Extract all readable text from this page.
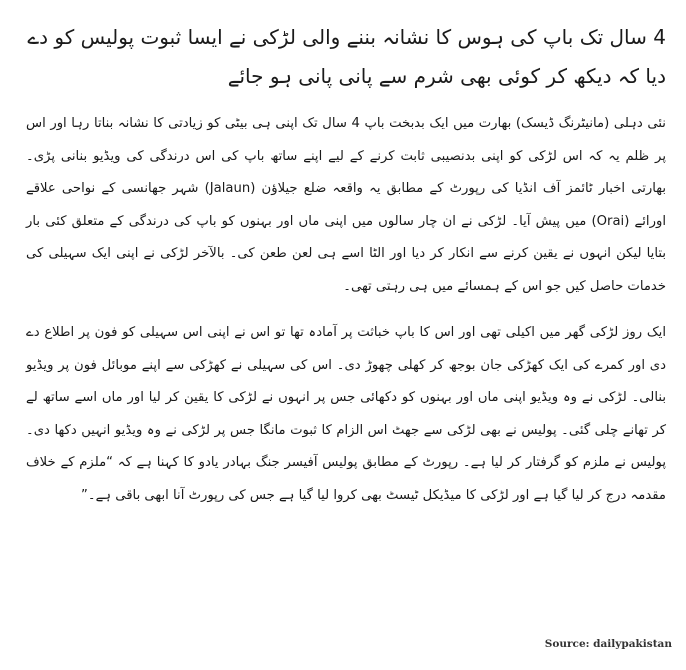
4 سال تک باپ کی ہوس کا نشانہ بننے والی لڑکی نے ایسا ثبوت پولیس کو دے دیا کہ دیکھ کر کوئی بھی شرم سے پانی پانی ہو جائے

نئی دہلی (مانیٹرنگ ڈیسک) بھارت میں ایک بدبخت باپ 4 سال تک اپنی ہی بیٹی کو زیادتی کا نشانہ بناتا رہا اور اس پر ظلم یہ کہ اس لڑکی کو اپنی بدنصیبی ثابت کرنے کے لیے اپنے ساتھ باپ کی اس درندگی کی ویڈیو بنانی پڑی۔ بھارتی اخبار ٹائمز آف انڈیا کی رپورٹ کے مطابق یہ واقعہ ضلع جیلاؤن (Jalaun) شہر جھانسی کے نواحی علاقے اورائے (Orai) میں پیش آیا۔ لڑکی نے ان چار سالوں میں اپنی ماں اور بہنوں کو باپ کی درندگی کے متعلق کئی بار بتایا لیکن انہوں نے یقین کرنے سے انکار کر دیا اور الٹا اسے ہی لعن طعن کی۔ بالآخر لڑکی نے اپنی ایک سہیلی کی خدمات حاصل کیں جو اس کے ہمسائے میں ہی رہتی تھی۔

ایک روز لڑکی گھر میں اکیلی تھی اور اس کا باپ خباثت پر آمادہ تھا تو اس نے اپنی اس سہیلی کو فون پر اطلاع دے دی اور کمرے کی ایک کھڑکی جان بوجھ کر کھلی چھوڑ دی۔ اس کی سہیلی نے کھڑکی سے اپنے موبائل فون پر ویڈیو بنالی۔ لڑکی نے وہ ویڈیو اپنی ماں اور بہنوں کو دکھائی جس پر انہوں نے لڑکی کا یقین کر لیا اور ماں اسے ساتھ لے کر تھانے چلی گئی۔ پولیس نے بھی لڑکی سے جھٹ اس الزام کا ثبوت مانگا جس پر لڑکی نے وہ ویڈیو انہیں دکھا دی۔ پولیس نے ملزم کو گرفتار کر لیا ہے۔ رپورٹ کے مطابق پولیس آفیسر جنگ بہادر یادو کا کہنا ہے کہ “ملزم کے خلاف مقدمہ درج کر لیا گیا ہے اور لڑکی کا میڈیکل ٹیسٹ بھی کروا لیا گیا ہے جس کی رپورٹ آنا ابھی باقی ہے۔”

Source: dailypakistan
